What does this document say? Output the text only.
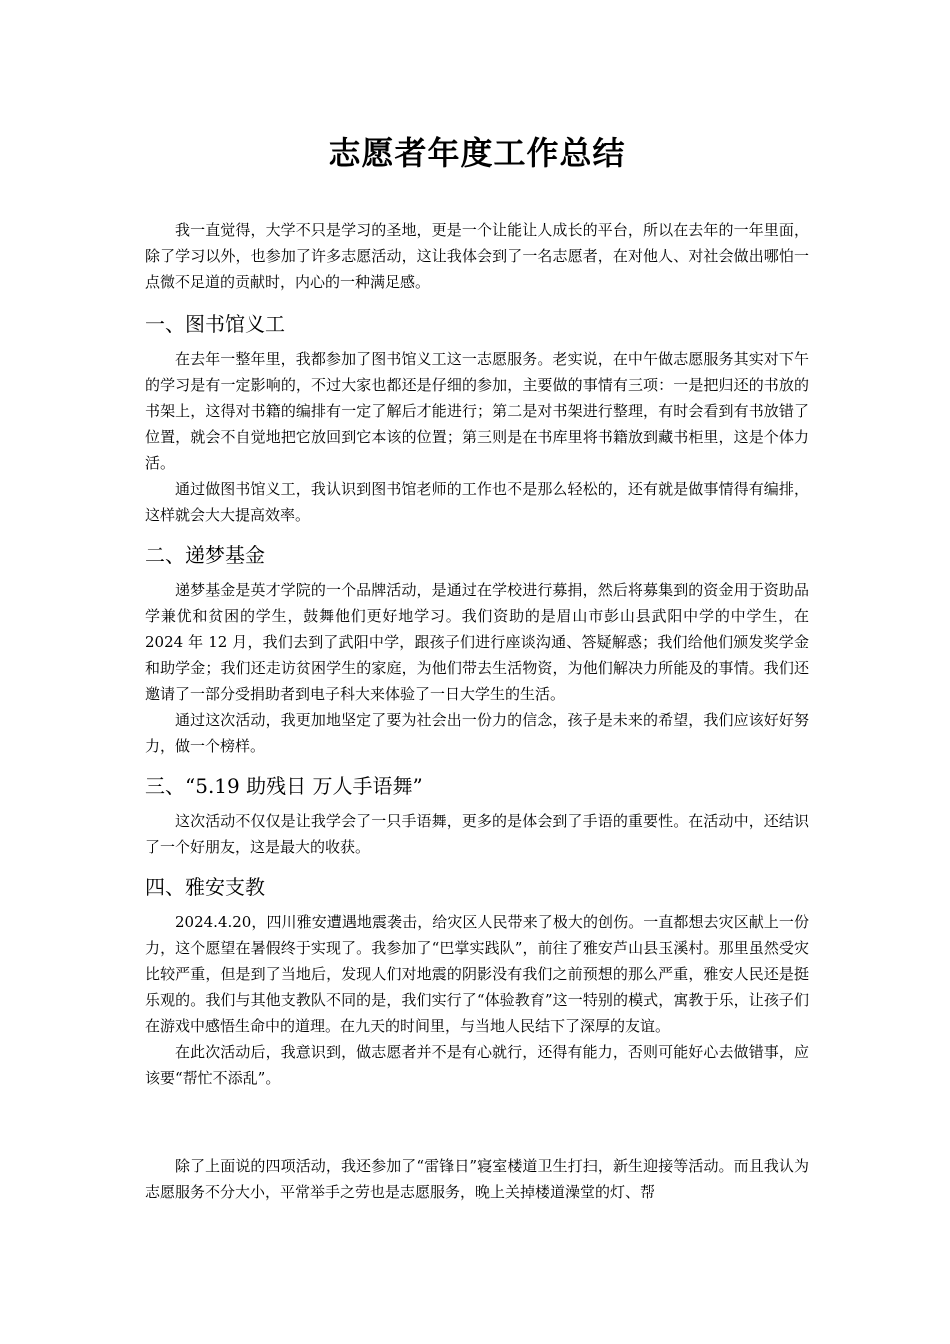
志愿者年度工作总结

我一直觉得，大学不只是学习的圣地，更是一个让能让人成长的平台，所以在去年的一年里面，除了学习以外，也参加了许多志愿活动，这让我体会到了一名志愿者，在对他人、对社会做出哪怕一点微不足道的贡献时，内心的一种满足感。

一、图书馆义工

在去年一整年里，我都参加了图书馆义工这一志愿服务。老实说，在中午做志愿服务其实对下午的学习是有一定影响的，不过大家也都还是仔细的参加，主要做的事情有三项：一是把归还的书放的书架上，这得对书籍的编排有一定了解后才能进行；第二是对书架进行整理，有时会看到有书放错了位置，就会不自觉地把它放回到它本该的位置；第三则是在书库里将书籍放到藏书柜里，这是个体力活。

通过做图书馆义工，我认识到图书馆老师的工作也不是那么轻松的，还有就是做事情得有编排，这样就会大大提高效率。

二、递梦基金

递梦基金是英才学院的一个品牌活动，是通过在学校进行募捐，然后将募集到的资金用于资助品学兼优和贫困的学生，鼓舞他们更好地学习。我们资助的是眉山市彭山县武阳中学的中学生，在 2024 年 12 月，我们去到了武阳中学，跟孩子们进行座谈沟通、答疑解惑；我们给他们颁发奖学金和助学金；我们还走访贫困学生的家庭，为他们带去生活物资，为他们解决力所能及的事情。我们还邀请了一部分受捐助者到电子科大来体验了一日大学生的生活。

通过这次活动，我更加地坚定了要为社会出一份力的信念，孩子是未来的希望，我们应该好好努力，做一个榜样。

三、“5.19 助残日 万人手语舞”

这次活动不仅仅是让我学会了一只手语舞，更多的是体会到了手语的重要性。在活动中，还结识了一个好朋友，这是最大的收获。

四、雅安支教

2024.4.20，四川雅安遭遇地震袭击，给灾区人民带来了极大的创伤。一直都想去灾区献上一份力，这个愿望在暑假终于实现了。我参加了“巴掌实践队”，前往了雅安芦山县玉溪村。那里虽然受灾比较严重，但是到了当地后，发现人们对地震的阴影没有我们之前预想的那么严重，雅安人民还是挺乐观的。我们与其他支教队不同的是，我们实行了“体验教育”这一特别的模式，寓教于乐，让孩子们在游戏中感悟生命中的道理。在九天的时间里，与当地人民结下了深厚的友谊。

在此次活动后，我意识到，做志愿者并不是有心就行，还得有能力，否则可能好心去做错事，应该要“帮忙不添乱”。

除了上面说的四项活动，我还参加了“雷锋日”寝室楼道卫生打扫，新生迎接等活动。而且我认为志愿服务不分大小，平常举手之劳也是志愿服务，晚上关掉楼道澡堂的灯、帮
